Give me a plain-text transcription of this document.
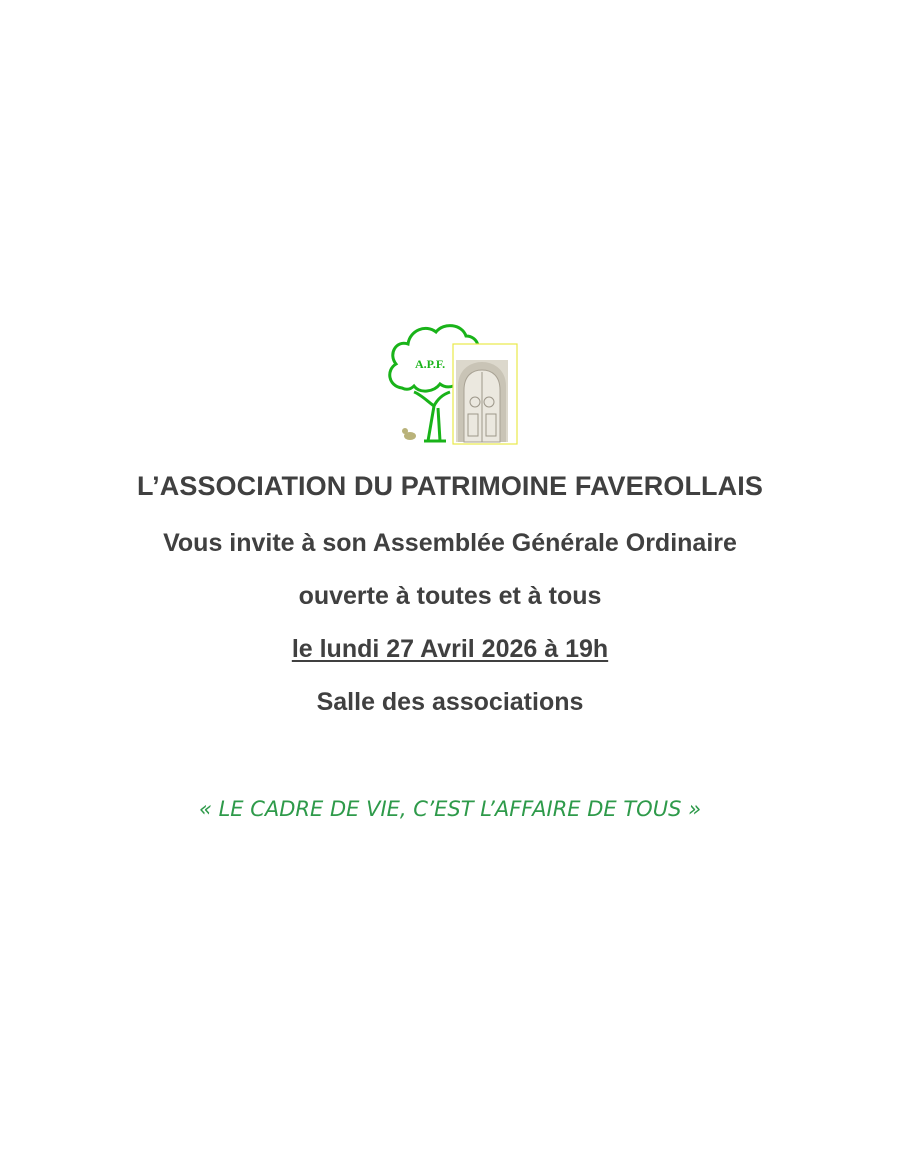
A.P.F.
L’ASSOCIATION DU PATRIMOINE FAVEROLLAIS
Vous invite à son Assemblée Générale Ordinaire
ouverte à toutes et à tous
le lundi 27 Avril 2026 à 19h
Salle des associations
« LE CADRE DE VIE, C’EST L’AFFAIRE DE TOUS »
